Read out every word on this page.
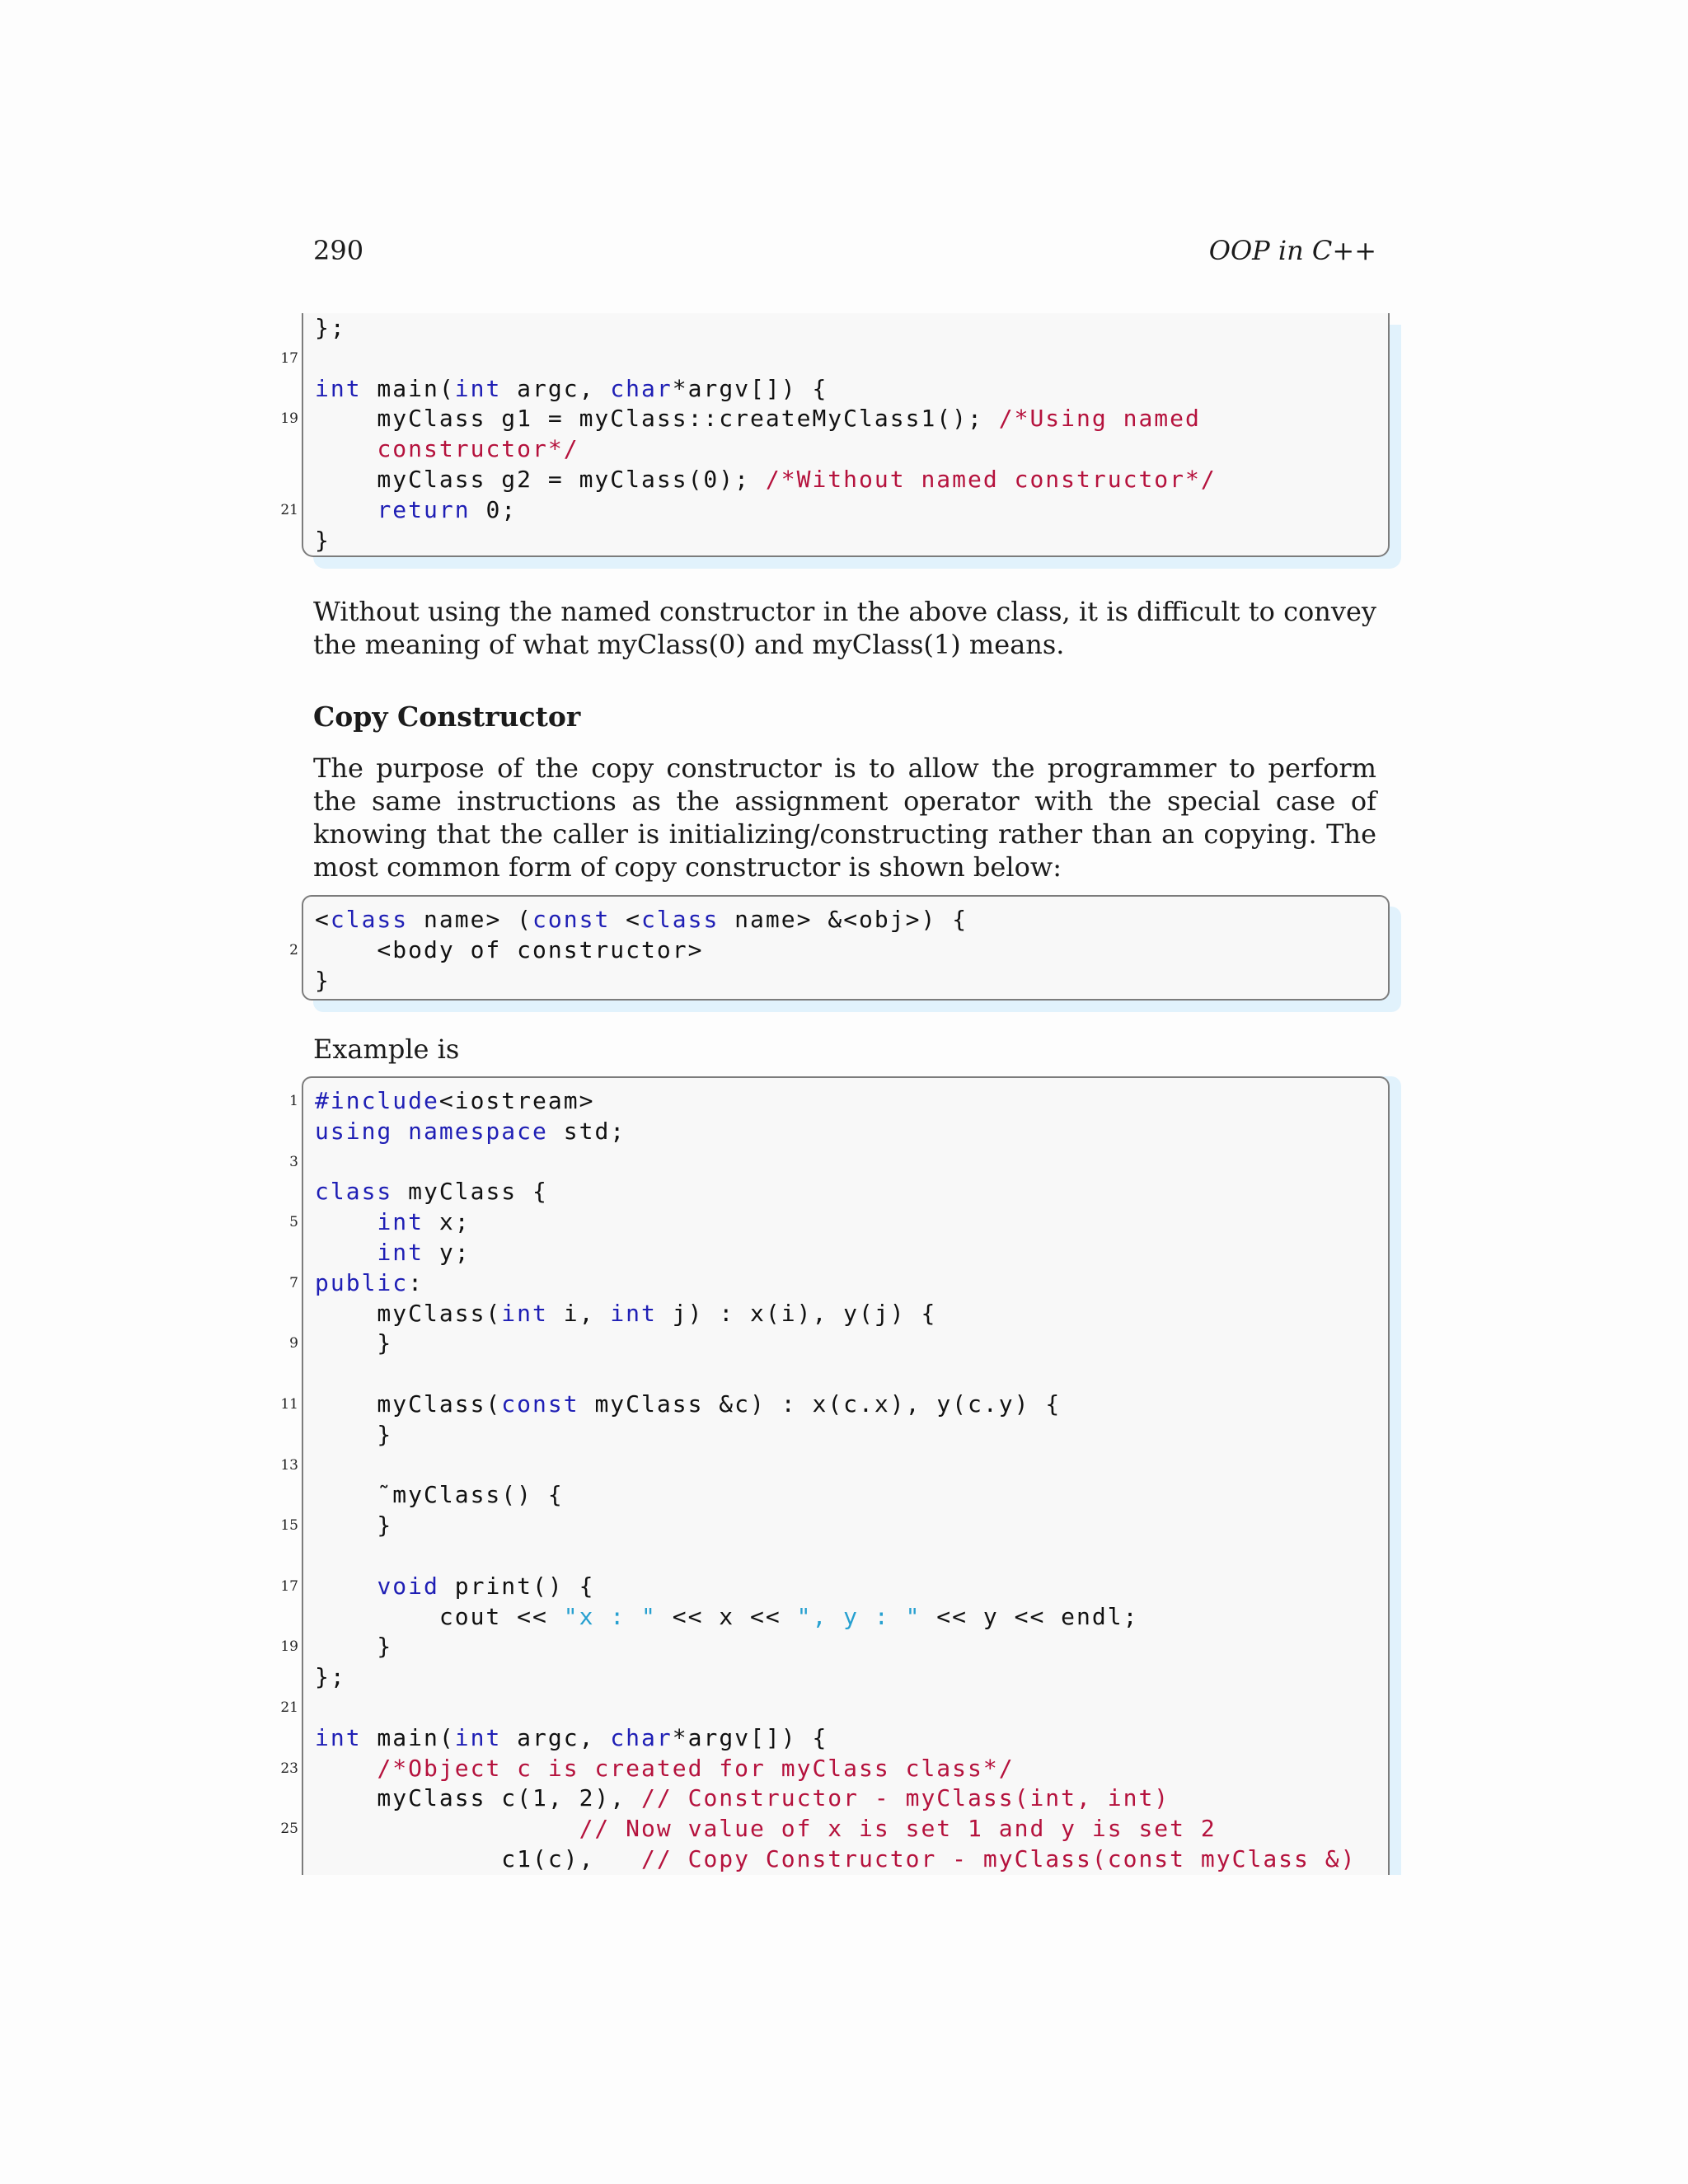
290	OOP in C++
};
17
int main(int argc, char*argv[]) {
19 myClass g1 = myClass::createMyClass1(); /*Using named
constructor*/
myClass g2 = myClass(0); /*Without named constructor*/
21	return 0;
}
Without using the named constructor in the above class, it is difficult to convey the meaning of what myClass(0) and myClass(1) means.
Copy Constructor
The purpose of the copy constructor is to allow the programmer to perform the same instructions as the assignment operator with the special case of knowing that the caller is initializing/constructing rather than an copying. The most common form of copy constructor is shown below:
<class name> (const <class name> &<obj>) {
2 <body of constructor>
}
Example is
1 #include<iostream>
using namespace std;
3
class myClass {
5	int x;
int y;
7 public:
myClass(int i, int j) : x(i), y(j) {
9 }
11 myClass(const myClass &c) : x(c.x), y(c.y) {
}
13
˜myClass() {
15 }
17	void print() {
cout << "x : " << x << ", y : " << y << endl;
19 }
};
21
int main(int argc, char*argv[]) {
23	/*Object c is created for myClass class*/
myClass c(1, 2), // Constructor - myClass(int, int)
25	// Now value of x is set 1 and y is set 2
c1(c),   // Copy Constructor - myClass(const myClass &)
